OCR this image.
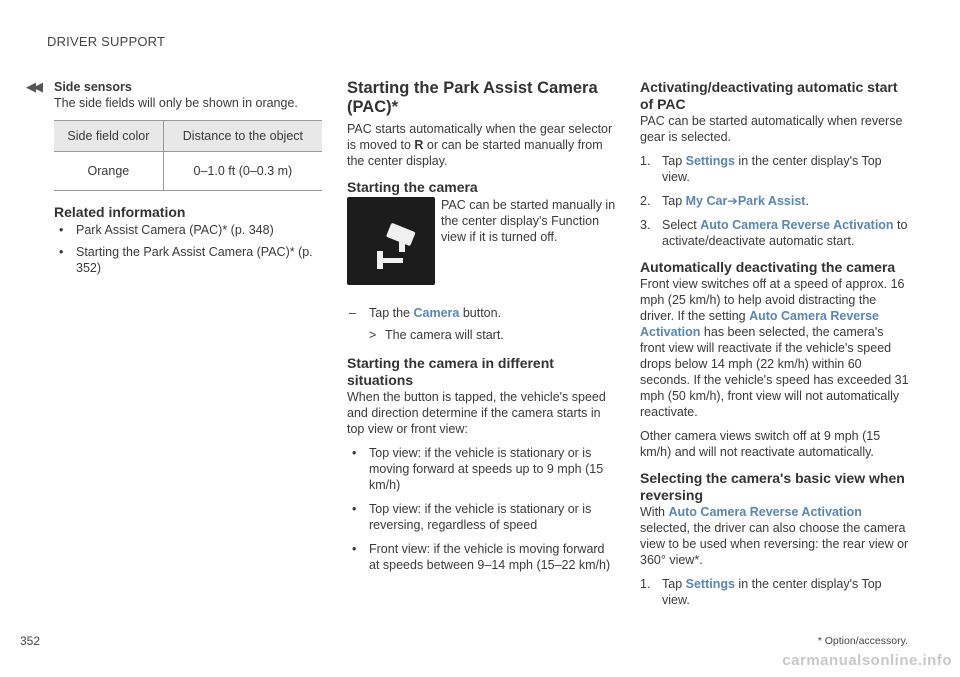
DRIVER SUPPORT
◀◀ Side sensors

The side fields will only be shown in orange.

Side field color	Distance to the object
Orange	0–1.0 ft (0–0.3 m)

Related information

• Park Assist Camera (PAC)* (p. 348)
• Starting the Park Assist Camera (PAC)* (p. 352)

Starting the Park Assist Camera (PAC)*

PAC starts automatically when the gear selector is moved to R or can be started manually from the center display.

Starting the camera

PAC can be started manually in the center display's Function view if it is turned off.

– Tap the Camera button.
> The camera will start.

Starting the camera in different situations

When the button is tapped, the vehicle's speed and direction determine if the camera starts in top view or front view:

• Top view: if the vehicle is stationary or is moving forward at speeds up to 9 mph (15 km/h)
• Top view: if the vehicle is stationary or is reversing, regardless of speed
• Front view: if the vehicle is moving forward at speeds between 9–14 mph (15–22 km/h)

Activating/deactivating automatic start of PAC

PAC can be started automatically when reverse gear is selected.

1. Tap Settings in the center display's Top view.
2. Tap My Car➔Park Assist.
3. Select Auto Camera Reverse Activation to activate/deactivate automatic start.

Automatically deactivating the camera

Front view switches off at a speed of approx. 16 mph (25 km/h) to help avoid distracting the driver. If the setting Auto Camera Reverse Activation has been selected, the camera's front view will reactivate if the vehicle's speed drops below 14 mph (22 km/h) within 60 seconds. If the vehicle's speed has exceeded 31 mph (50 km/h), front view will not automatically reactivate.

Other camera views switch off at 9 mph (15 km/h) and will not reactivate automatically.

Selecting the camera's basic view when reversing

With Auto Camera Reverse Activation selected, the driver can also choose the camera view to be used when reversing: the rear view or 360° view*.

1. Tap Settings in the center display's Top view.
352	* Option/accessory.
carmanualsonline.info
